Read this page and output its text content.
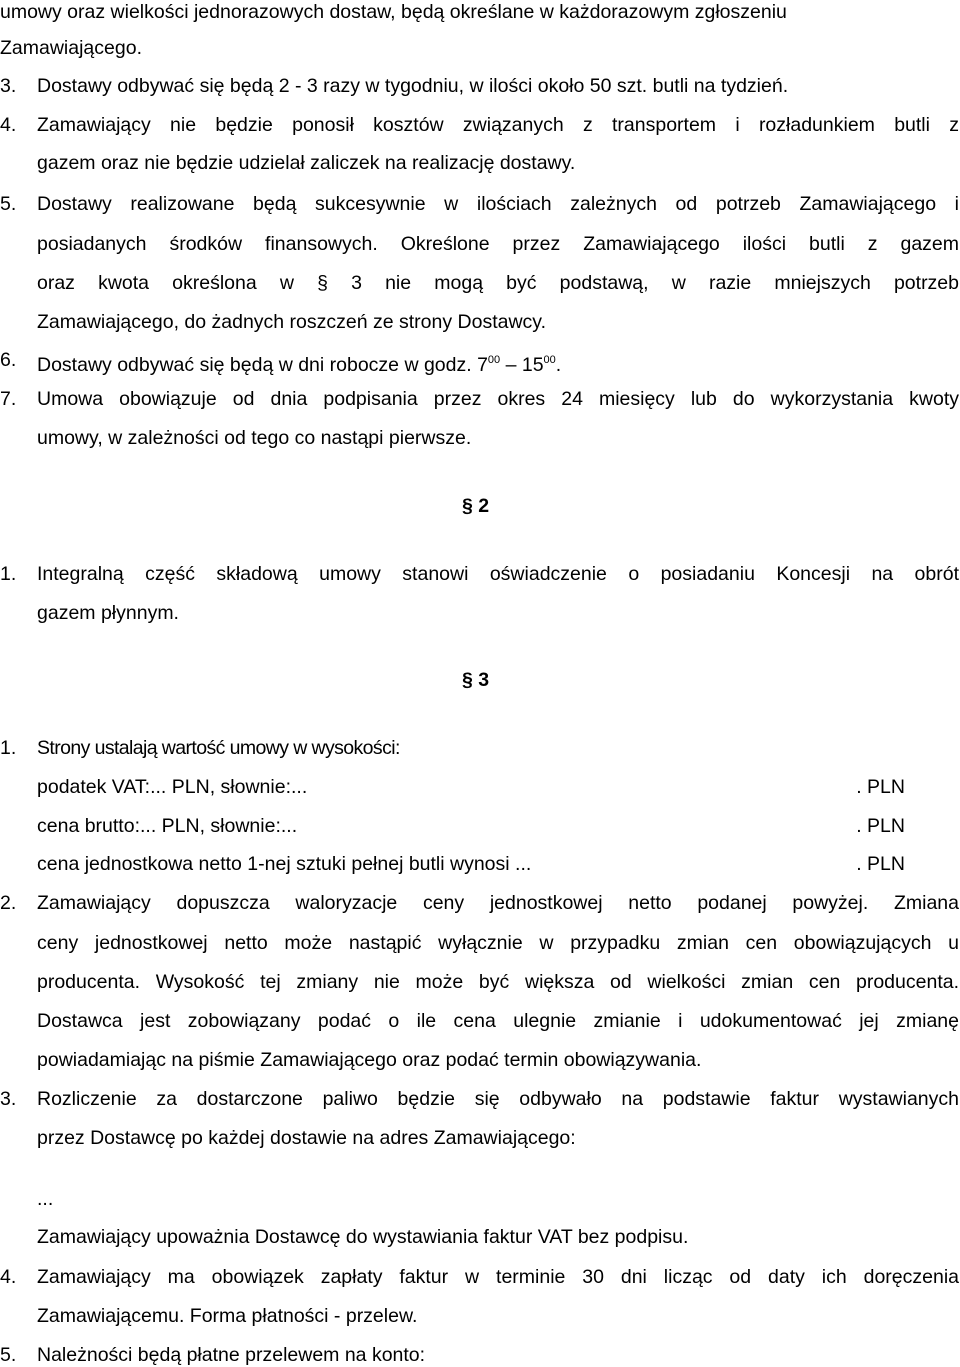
umowy oraz wielkości jednorazowych dostaw, będą określane w każdorazowym zgłoszeniu
Zamawiającego.
3. Dostawy odbywać się będą 2 - 3 razy w tygodniu, w ilości około 50 szt. butli na tydzień.
4. Zamawiający nie będzie ponosił kosztów związanych z transportem i rozładunkiem butli z
gazem oraz nie będzie udzielał zaliczek na realizację dostawy.
5. Dostawy realizowane będą sukcesywnie w ilościach zależnych od potrzeb Zamawiającego i
posiadanych środków finansowych. Określone przez Zamawiającego ilości butli z gazem
oraz kwota określona w § 3 nie mogą być podstawą, w razie mniejszych potrzeb
Zamawiającego, do żadnych roszczeń ze strony Dostawcy.
6. Dostawy odbywać się będą w dni robocze w godz. $7^{00} - 15^{00}$.
7. Umowa obowiązuje od dnia podpisania przez okres 24 miesięcy lub do wykorzystania kwoty
umowy, w zależności od tego co nastąpi pierwsze.
§ 2
1. Integralną część składową umowy stanowi oświadczenie o posiadaniu Koncesji na obrót
gazem płynnym.
§ 3
1. Strony ustalają wartość umowy w wysokości:
podatek VAT:... PLN, słownie:...	. PLN
cena brutto:... PLN, słownie:...	. PLN
cena jednostkowa netto 1-nej sztuki pełnej butli wynosi ...	. PLN
2. Zamawiający dopuszcza waloryzacje ceny jednostkowej netto podanej powyżej. Zmiana
ceny jednostkowej netto może nastąpić wyłącznie w przypadku zmian cen obowiązujących u
producenta. Wysokość tej zmiany nie może być większa od wielkości zmian cen producenta.
Dostawca jest zobowiązany podać o ile cena ulegnie zmianie i udokumentować jej zmianę
powiadamiając na piśmie Zamawiającego oraz podać termin obowiązywania.
3. Rozliczenie za dostarczone paliwo będzie się odbywało na podstawie faktur wystawianych
przez Dostawcę po każdej dostawie na adres Zamawiającego:
...
Zamawiający upoważnia Dostawcę do wystawiania faktur VAT bez podpisu.
4. Zamawiający ma obowiązek zapłaty faktur w terminie 30 dni licząc od daty ich doręczenia
Zamawiającemu. Forma płatności - przelew.
5. Należności będą płatne przelewem na konto:
